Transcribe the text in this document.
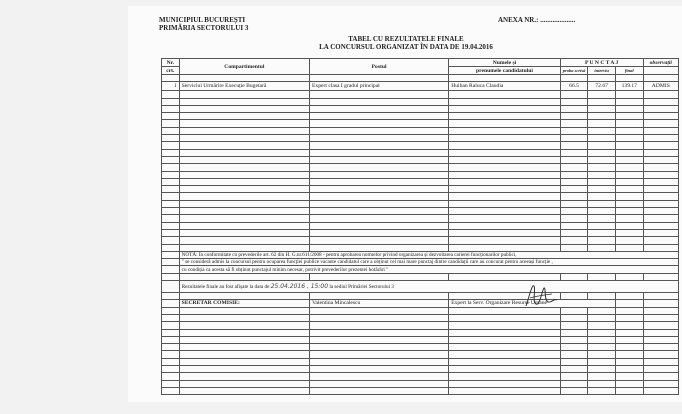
MUNICIPIUL BUCUREȘTI
PRIMĂRIA SECTORULUI 3
ANEXA NR.: ....................
TABEL CU REZULTATELE FINALE
LA CONCURSUL ORGANIZAT ÎN DATA DE 19.04.2016
Nr.	Compartimentul	Postul	Numele și	P U N C T A J			observații
crt.			prenumele candidatului	proba scrisă	interviu	final	

1	Serviciul Urmărire Execuție Bugetară	Expert clasa I gradul principal	Huiban Raluca Claudia	66.5	72.67	139.17	ADMIS

	NOTĂ: În conformitate cu prevederile art. 62 din H. G.nr.611/2008 - pentru aprobarea normelor privind organizarea și dezvoltarea carierei funcționarilor publici,						
	" se consideră admis la concursul pentru ocuparea funcției publice vacante candidatul care a obținut cel mai mare punctaj dintre candidații care au concurat pentru aceeași funcție ,						
	cu condiția ca acesta să fi obținut punctajul minim necesar, potrivit prevederilor prezentei hotărâri "						

	Rezultatele finale au fost afișate la data de 25.04.2016 , 15:00 la sediul Primăriei Sectorului 3						

	SECRETAR COMISIE:	Valentina Mincalescu	Expert la Serv. Organizare Resurse Umane				
